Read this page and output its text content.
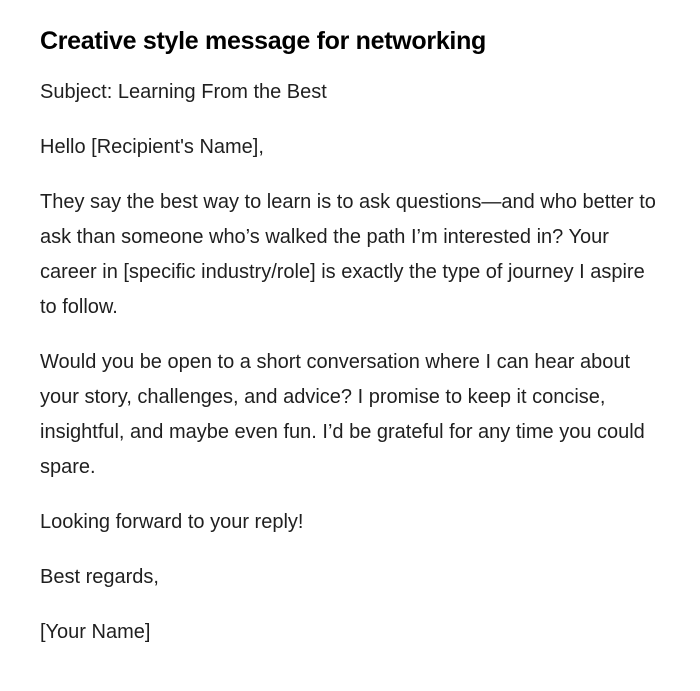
Creative style message for networking

Subject: Learning From the Best

Hello [Recipient's Name],

They say the best way to learn is to ask questions—and who better to ask than someone who’s walked the path I’m interested in? Your career in [specific industry/role] is exactly the type of journey I aspire to follow.

Would you be open to a short conversation where I can hear about your story, challenges, and advice? I promise to keep it concise, insightful, and maybe even fun. I’d be grateful for any time you could spare.

Looking forward to your reply!

Best regards,

[Your Name]
